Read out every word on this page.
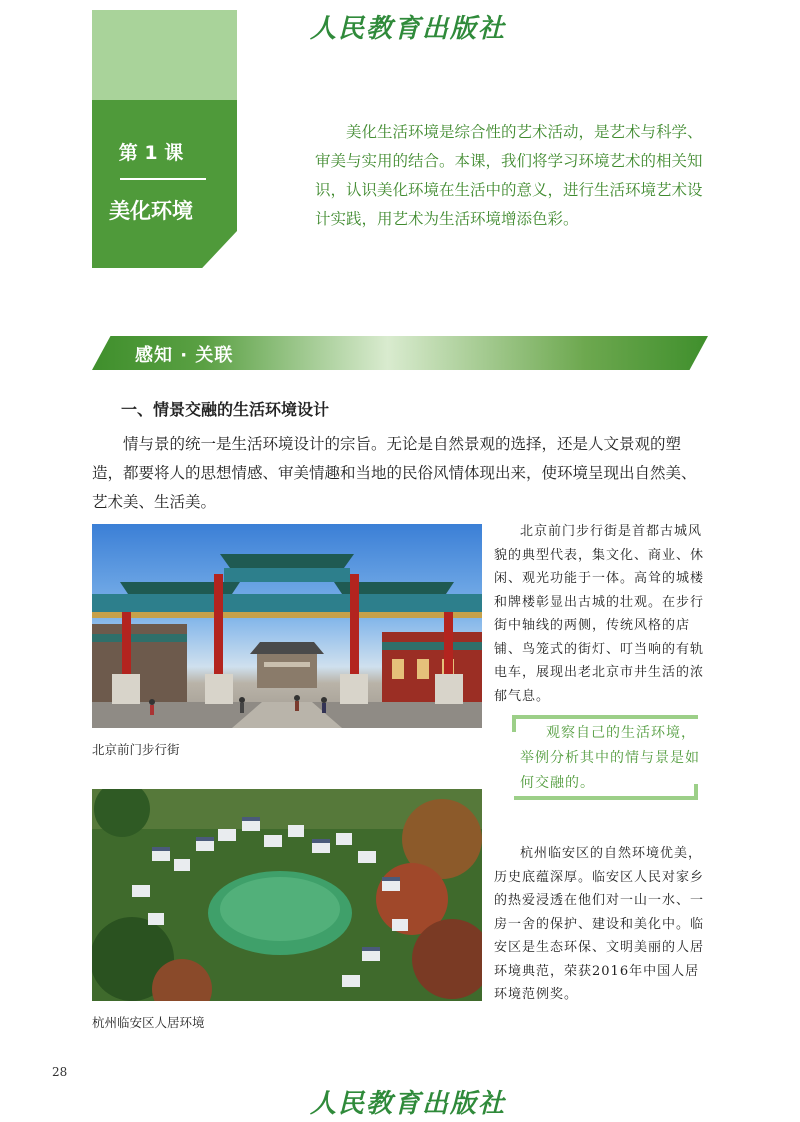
人民教育出版社
第 1 课
美化环境

美化生活环境是综合性的艺术活动，是艺术与科学、审美与实用的结合。本课，我们将学习环境艺术的相关知识，认识美化环境在生活中的意义，进行生活环境艺术设计实践，用艺术为生活环境增添色彩。

感知 · 关联
一、情景交融的生活环境设计

情与景的统一是生活环境设计的宗旨。无论是自然景观的选择，还是人文景观的塑造，都要将人的思想情感、审美情趣和当地的民俗风情体现出来，使环境呈现出自然美、艺术美、生活美。

北京前门步行街

北京前门步行街是首都古城风貌的典型代表，集文化、商业、休闲、观光功能于一体。高耸的城楼和牌楼彰显出古城的壮观。在步行街中轴线的两侧，传统风格的店铺、鸟笼式的街灯、叮当响的有轨电车，展现出老北京市井生活的浓郁气息。

观察自己的生活环境，举例分析其中的情与景是如何交融的。

杭州临安区人居环境

杭州临安区的自然环境优美，历史底蕴深厚。临安区人民对家乡的热爱浸透在他们对一山一水、一房一舍的保护、建设和美化中。临安区是生态环保、文明美丽的人居环境典范，荣获2016年中国人居环境范例奖。

28
人民教育出版社
